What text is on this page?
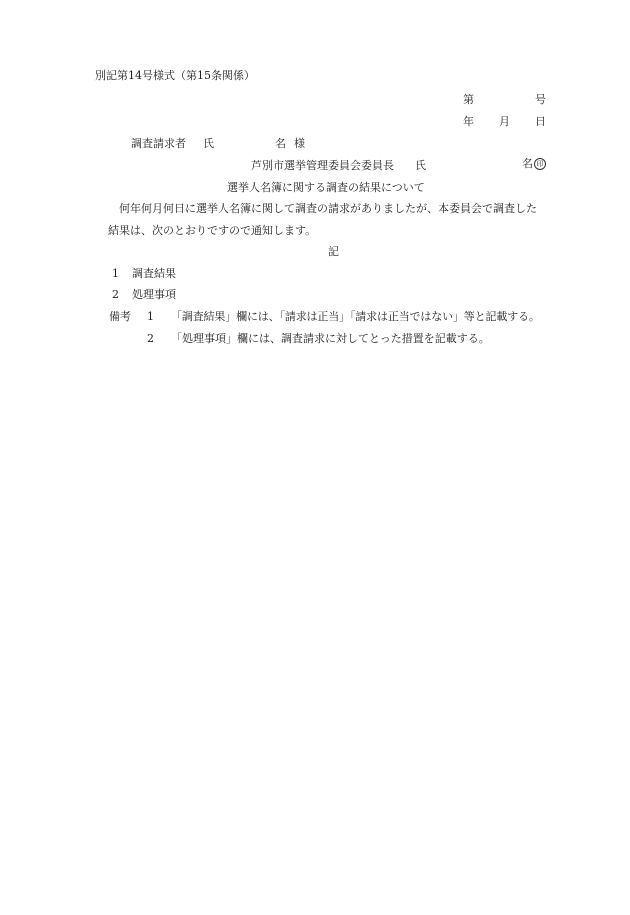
別記第14号様式（第15条関係）
第	号
年 月 日
調査請求者 氏	名 様
芦別市選挙管理委員会委員長 氏	名 印
選挙人名簿に関する調査の結果について
何年何月何日に選挙人名簿に関して調査の請求がありましたが、本委員会で調査した
結果は、次のとおりですので通知します。
記
1 調査結果
2 処理事項
備考 1 「調査結果」欄には、「請求は正当」「請求は正当ではない」等と記載する。
2 「処理事項」欄には、調査請求に対してとった措置を記載する。
